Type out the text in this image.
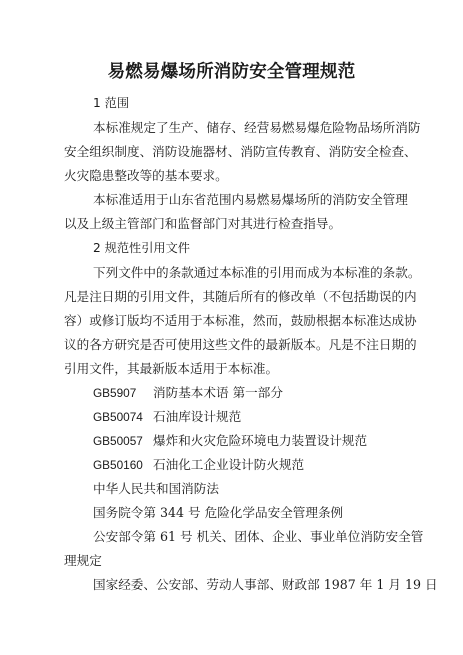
易燃易爆场所消防安全管理规范
1 范围
本标准规定了生产、储存、经营易燃易爆危险物品场所消防
安全组织制度、消防设施器材、消防宣传教育、消防安全检查、
火灾隐患整改等的基本要求。
本标准适用于山东省范围内易燃易爆场所的消防安全管理
以及上级主管部门和监督部门对其进行检查指导。
2 规范性引用文件
下列文件中的条款通过本标准的引用而成为本标准的条款。
凡是注日期的引用文件，其随后所有的修改单（不包括勘误的内
容）或修订版均不适用于本标准，然而，鼓励根据本标准达成协
议的各方研究是否可使用这些文件的最新版本。凡是不注日期的
引用文件，其最新版本适用于本标准。
GB5907 消防基本术语 第一部分
GB50074 石油库设计规范
GB50057 爆炸和火灾危险环境电力装置设计规范
GB50160 石油化工企业设计防火规范
中华人民共和国消防法
国务院令第 344 号 危险化学品安全管理条例
公安部令第 61 号 机关、团体、企业、事业单位消防安全管
理规定
国家经委、公安部、劳动人事部、财政部 1987 年 1 月 19 日
